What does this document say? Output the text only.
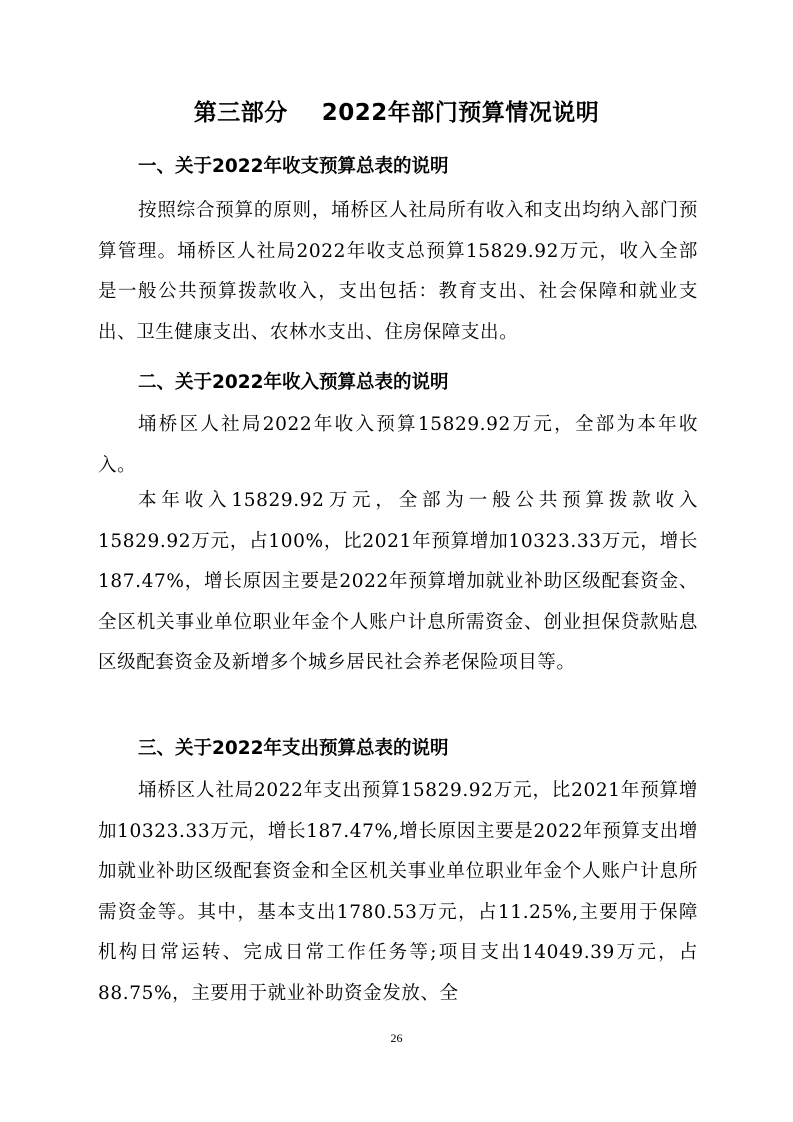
第三部分    2022年部门预算情况说明
一、关于2022年收支预算总表的说明

按照综合预算的原则，埇桥区人社局所有收入和支出均纳入部门预算管理。埇桥区人社局2022年收支总预算15829.92万元，收入全部是一般公共预算拨款收入，支出包括：教育支出、社会保障和就业支出、卫生健康支出、农林水支出、住房保障支出。

二、关于2022年收入预算总表的说明

埇桥区人社局2022年收入预算15829.92万元，全部为本年收入。

本年收入15829.92万元，全部为一般公共预算拨款收入15829.92万元，占100%，比2021年预算增加10323.33万元，增长187.47%，增长原因主要是2022年预算增加就业补助区级配套资金、全区机关事业单位职业年金个人账户计息所需资金、创业担保贷款贴息区级配套资金及新增多个城乡居民社会养老保险项目等。

三、关于2022年支出预算总表的说明

埇桥区人社局2022年支出预算15829.92万元，比2021年预算增加10323.33万元，增长187.47%,增长原因主要是2022年预算支出增加就业补助区级配套资金和全区机关事业单位职业年金个人账户计息所需资金等。其中，基本支出1780.53万元，占11.25%,主要用于保障机构日常运转、完成日常工作任务等;项目支出14049.39万元，占88.75%，主要用于就业补助资金发放、全

26
